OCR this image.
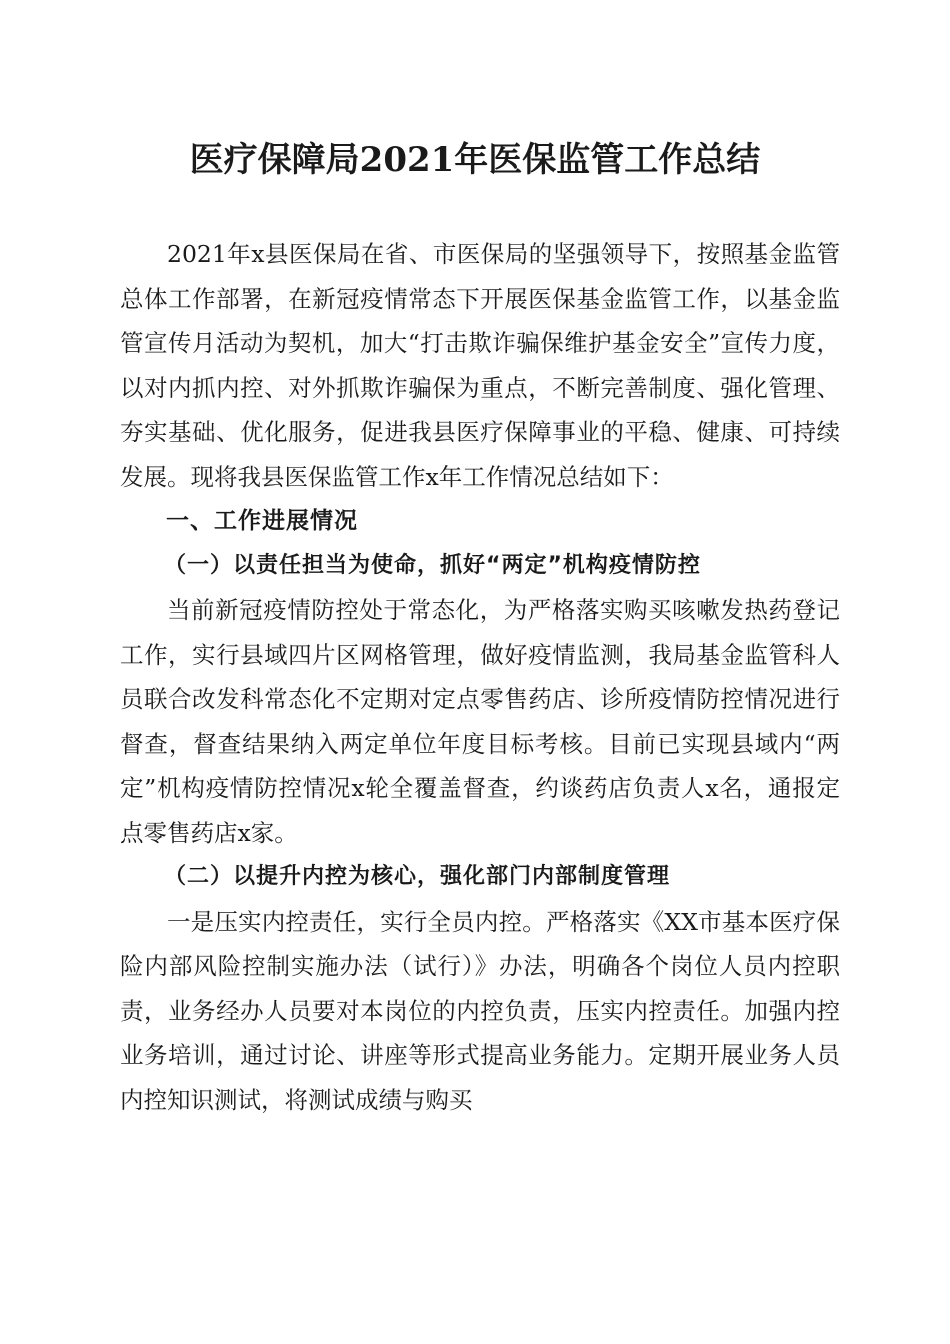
医疗保障局2021年医保监管工作总结

2021年x县医保局在省、市医保局的坚强领导下，按照基金监管总体工作部署，在新冠疫情常态下开展医保基金监管工作，以基金监管宣传月活动为契机，加大“打击欺诈骗保维护基金安全”宣传力度，以对内抓内控、对外抓欺诈骗保为重点，不断完善制度、强化管理、夯实基础、优化服务，促进我县医疗保障事业的平稳、健康、可持续发展。现将我县医保监管工作x年工作情况总结如下：

一、工作进展情况

（一）以责任担当为使命，抓好“两定”机构疫情防控

当前新冠疫情防控处于常态化，为严格落实购买咳嗽发热药登记工作，实行县域四片区网格管理，做好疫情监测，我局基金监管科人员联合改发科常态化不定期对定点零售药店、诊所疫情防控情况进行督查，督查结果纳入两定单位年度目标考核。目前已实现县域内“两定”机构疫情防控情况x轮全覆盖督查，约谈药店负责人x名，通报定点零售药店x家。

（二）以提升内控为核心，强化部门内部制度管理

一是压实内控责任，实行全员内控。严格落实《XX市基本医疗保险内部风险控制实施办法（试行）》办法，明确各个岗位人员内控职责，业务经办人员要对本岗位的内控负责，压实内控责任。加强内控业务培训，通过讨论、讲座等形式提高业务能力。定期开展业务人员内控知识测试，将测试成绩与购买
